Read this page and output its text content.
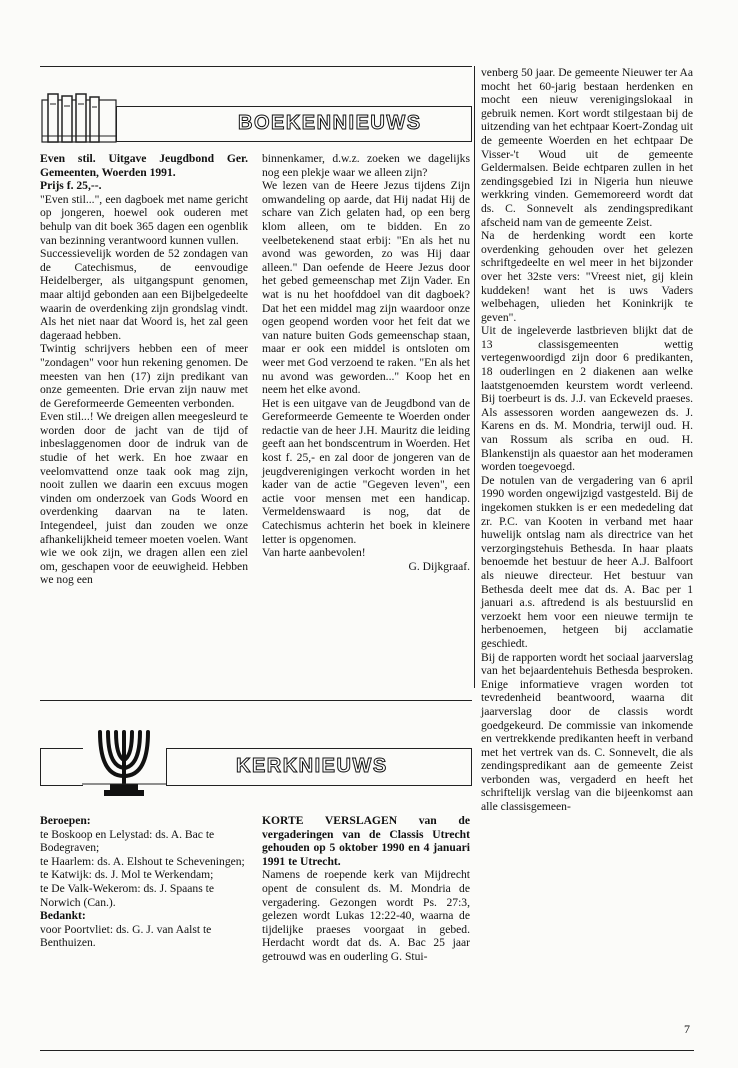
BOEKENNIEUWS

Even stil. Uitgave Jeugdbond Ger. Gemeenten, Woerden 1991.

Prijs f. 25,--.

"Even stil...", een dagboek met name gericht op jongeren, hoewel ook ouderen met behulp van dit boek 365 dagen een ogenblik van bezinning verantwoord kunnen vullen.

Successievelijk worden de 52 zondagen van de Catechismus, de eenvoudige Heidelberger, als uitgangspunt genomen, maar altijd gebonden aan een Bijbelgedeelte waarin de overdenking zijn grondslag vindt. Als het niet naar dat Woord is, het zal geen dageraad hebben.

Twintig schrijvers hebben een of meer "zondagen" voor hun rekening genomen. De meesten van hen (17) zijn predikant van onze gemeenten. Drie ervan zijn nauw met de Gereformeerde Gemeenten verbonden.

Even stil...! We dreigen allen meegesleurd te worden door de jacht van de tijd of inbeslaggenomen door de indruk van de studie of het werk. En hoe zwaar en veelomvattend onze taak ook mag zijn, nooit zullen we daarin een excuus mogen vinden om onderzoek van Gods Woord en overdenking daarvan na te laten. Integendeel, juist dan zouden we onze afhankelijkheid temeer moeten voelen. Want wie we ook zijn, we dragen allen een ziel om, geschapen voor de eeuwigheid. Hebben we nog een

binnenkamer, d.w.z. zoeken we dagelijks nog een plekje waar we alleen zijn?

We lezen van de Heere Jezus tijdens Zijn omwandeling op aarde, dat Hij nadat Hij de schare van Zich gelaten had, op een berg klom alleen, om te bidden. En zo veelbetekenend staat erbij: "En als het nu avond was geworden, zo was Hij daar alleen." Dan oefende de Heere Jezus door het gebed gemeenschap met Zijn Vader. En wat is nu het hoofddoel van dit dagboek? Dat het een middel mag zijn waardoor onze ogen geopend worden voor het feit dat we van nature buiten Gods gemeenschap staan, maar er ook een middel is ontsloten om weer met God verzoend te raken. "En als het nu avond was geworden..." Koop het en neem het elke avond.

Het is een uitgave van de Jeugdbond van de Gereformeerde Gemeente te Woerden onder redactie van de heer J.H. Mauritz die leiding geeft aan het bondscentrum in Woerden. Het kost f. 25,- en zal door de jongeren van de jeugdverenigingen verkocht worden in het kader van de actie "Gegeven leven", een actie voor mensen met een handicap. Vermeldenswaard is nog, dat de Catechismus achterin het boek in kleinere letter is opgenomen.

Van harte aanbevolen!

G. Dijkgraaf.

KERKNIEUWS

Beroepen:

te Boskoop en Lelystad: ds. A. Bac te Bodegraven;

te Haarlem: ds. A. Elshout te Scheveningen;

te Katwijk: ds. J. Mol te Werkendam;

te De Valk-Wekerom: ds. J. Spaans te Norwich (Can.).

Bedankt:

voor Poortvliet: ds. G. J. van Aalst te Benthuizen.

KORTE VERSLAGEN van de vergaderingen van de Classis Utrecht gehouden op 5 oktober 1990 en 4 januari 1991 te Utrecht.

Namens de roepende kerk van Mijdrecht opent de consulent ds. M. Mondria de vergadering. Gezongen wordt Ps. 27:3, gelezen wordt Lukas 12:22-40, waarna de tijdelijke praeses voorgaat in gebed. Herdacht wordt dat ds. A. Bac 25 jaar getrouwd was en ouderling G. Stui-

venberg 50 jaar. De gemeente Nieuwer ter Aa mocht het 60-jarig bestaan herdenken en mocht een nieuw verenigingslokaal in gebruik nemen. Kort wordt stilgestaan bij de uitzending van het echtpaar Koert-Zondag uit de gemeente Woerden en het echtpaar De Visser-'t Woud uit de gemeente Geldermalsen. Beide echtparen zullen in het zendingsgebied Izi in Nigeria hun nieuwe werkkring vinden. Gememoreerd wordt dat ds. C. Sonnevelt als zendingspredikant afscheid nam van de gemeente Zeist.

Na de herdenking wordt een korte overdenking gehouden over het gelezen schriftgedeelte en wel meer in het bijzonder over het 32ste vers: "Vreest niet, gij klein kuddeken! want het is uws Vaders welbehagen, ulieden het Koninkrijk te geven".

Uit de ingeleverde lastbrieven blijkt dat de 13 classisgemeenten wettig vertegenwoordigd zijn door 6 predikanten, 18 ouderlingen en 2 diakenen aan welke laatstgenoemden keurstem wordt verleend. Bij toerbeurt is ds. J.J. van Eckeveld praeses. Als assessoren worden aangewezen ds. J. Karens en ds. M. Mondria, terwijl oud. H. van Rossum als scriba en oud. H. Blankenstijn als quaestor aan het moderamen worden toegevoegd.

De notulen van de vergadering van 6 april 1990 worden ongewijzigd vastgesteld. Bij de ingekomen stukken is er een mededeling dat zr. P.C. van Kooten in verband met haar huwelijk ontslag nam als directrice van het verzorgingstehuis Bethesda. In haar plaats benoemde het bestuur de heer A.J. Balfoort als nieuwe directeur. Het bestuur van Bethesda deelt mee dat ds. A. Bac per 1 januari a.s. aftredend is als bestuurslid en verzoekt hem voor een nieuwe termijn te herbenoemen, hetgeen bij acclamatie geschiedt.

Bij de rapporten wordt het sociaal jaarverslag van het bejaardentehuis Bethesda besproken. Enige informatieve vragen worden tot tevredenheid beantwoord, waarna dit jaarverslag door de classis wordt goedgekeurd. De commissie van inkomende en vertrekkende predikanten heeft in verband met het vertrek van ds. C. Sonnevelt, die als zendingspredikant aan de gemeente Zeist verbonden was, vergaderd en heeft het schriftelijk verslag van die bijeenkomst aan alle classisgemeen-

7
